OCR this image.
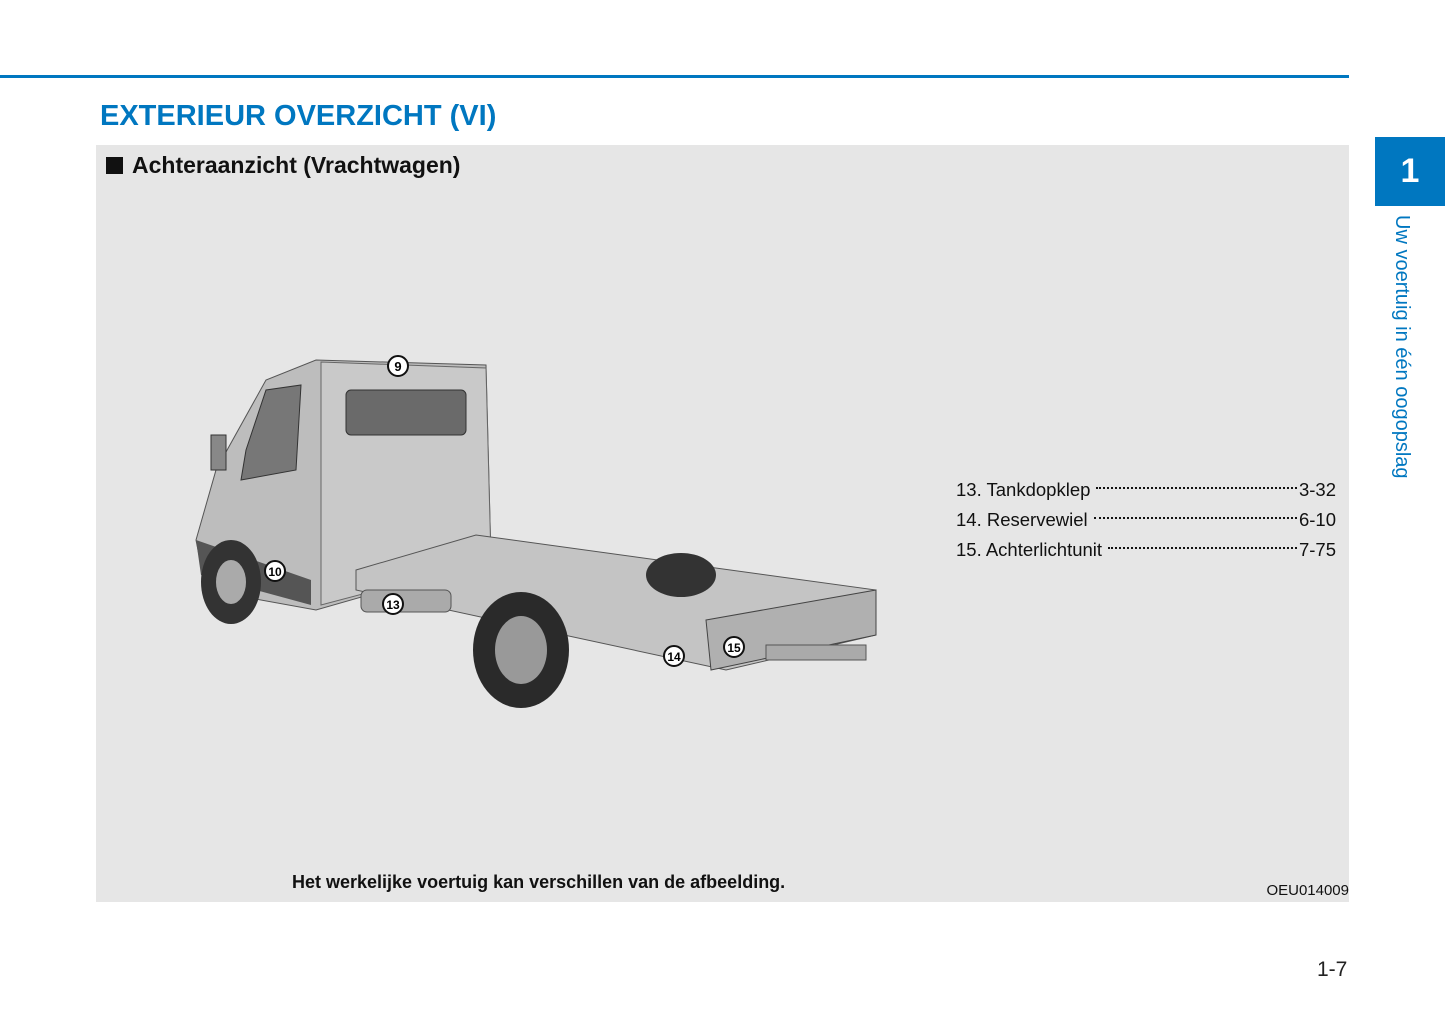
EXTERIEUR OVERZICHT (VI)
Achteraanzicht (Vrachtwagen)
9
10
13
14
15
13. Tankdopklep	3-32
14. Reservewiel	6-10
15. Achterlichtunit	7-75
Het werkelijke voertuig kan verschillen van de afbeelding.	OEU014009
1
Uw voertuig in één oogopslag
1-7
